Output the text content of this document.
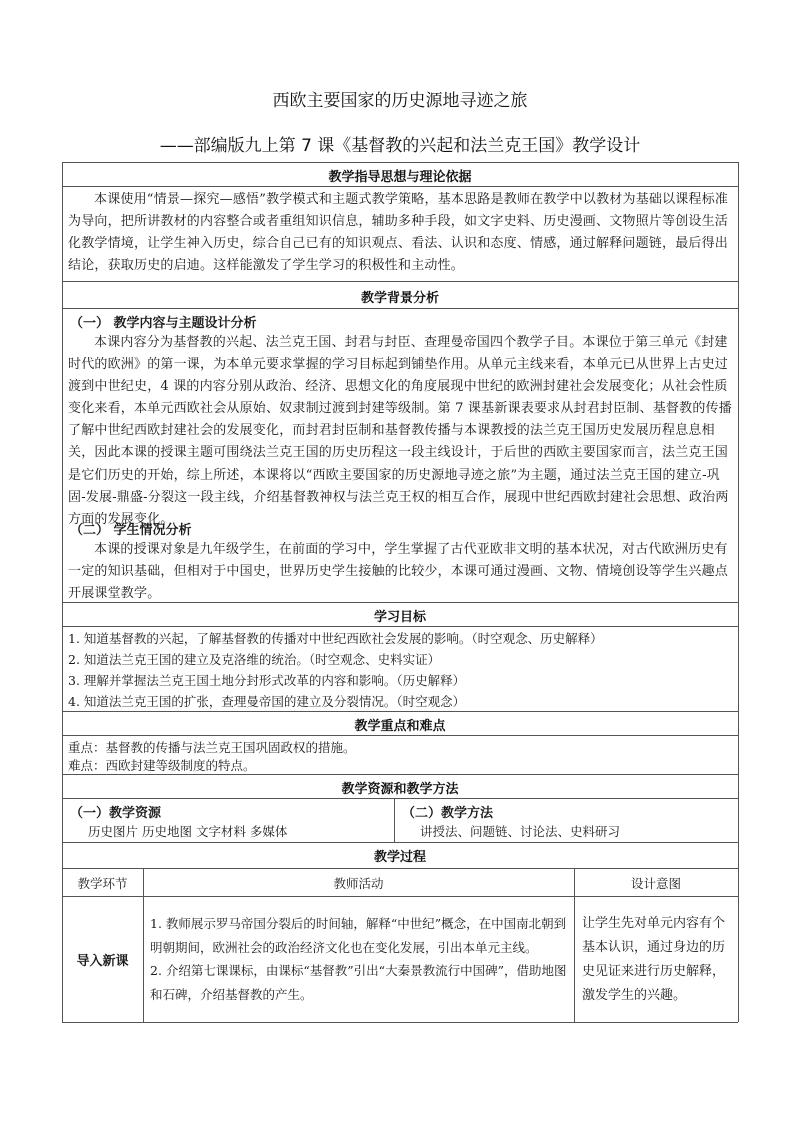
西欧主要国家的历史源地寻迹之旅
——部编版九上第 7 课《基督教的兴起和法兰克王国》教学设计
教学指导思想与理论依据
本课使用“情景—探究—感悟”教学模式和主题式教学策略，基本思路是教师在教学中以教材为基础以课程标准为导向，把所讲教材的内容整合或者重组知识信息，辅助多种手段，如文字史料、历史漫画、文物照片等创设生活化教学情境，让学生神入历史，综合自己已有的知识观点、看法、认识和态度、情感，通过解释问题链，最后得出结论，获取历史的启迪。这样能激发了学生学习的积极性和主动性。
教学背景分析
（一） 教学内容与主题设计分析
本课内容分为基督教的兴起、法兰克王国、封君与封臣、查理曼帝国四个教学子目。本课位于第三单元《封建时代的欧洲》的第一课，为本单元要求掌握的学习目标起到铺垫作用。从单元主线来看，本单元已从世界上古史过渡到中世纪史，4 课的内容分别从政治、经济、思想文化的角度展现中世纪的欧洲封建社会发展变化；从社会性质变化来看，本单元西欧社会从原始、奴隶制过渡到封建等级制。第 7 课基新课表要求从封君封臣制、基督教的传播了解中世纪西欧封建社会的发展变化，而封君封臣制和基督教传播与本课教授的法兰克王国历史发展历程息息相关，因此本课的授课主题可围绕法兰克王国的历史历程这一段主线设计，于后世的西欧主要国家而言，法兰克王国是它们历史的开始，综上所述，本课将以“西欧主要国家的历史源地寻迹之旅”为主题，通过法兰克王国的建立-巩固-发展-鼎盛-分裂这一段主线，介绍基督教神权与法兰克王权的相互合作，展现中世纪西欧封建社会思想、政治两方面的发展变化。
（二） 学生情况分析
本课的授课对象是九年级学生，在前面的学习中，学生掌握了古代亚欧非文明的基本状况，对古代欧洲历史有一定的知识基础，但相对于中国史，世界历史学生接触的比较少，本课可通过漫画、文物、情境创设等学生兴趣点开展课堂教学。
学习目标
1. 知道基督教的兴起，了解基督教的传播对中世纪西欧社会发展的影响。（时空观念、历史解释）
2. 知道法兰克王国的建立及克洛维的统治。（时空观念、史料实证）
3. 理解并掌握法兰克王国土地分封形式改革的内容和影响。（历史解释）
4. 知道法兰克王国的扩张，查理曼帝国的建立及分裂情况。（时空观念）
教学重点和难点
重点：基督教的传播与法兰克王国巩固政权的措施。
难点：西欧封建等级制度的特点。
教学资源和教学方法
（一）教学资源
历史图片 历史地图 文字材料 多媒体
（二）教学方法
讲授法、问题链、讨论法、史料研习
教学过程
教学环节	教师活动	设计意图
导入新课
1. 教师展示罗马帝国分裂后的时间轴，解释“中世纪”概念，在中国南北朝到明朝期间，欧洲社会的政治经济文化也在变化发展，引出本单元主线。
2. 介绍第七课课标，由课标“基督教”引出“大秦景教流行中国碑”，借助地图和石碑，介绍基督教的产生。
让学生先对单元内容有个基本认识，通过身边的历史见证来进行历史解释，激发学生的兴趣。
